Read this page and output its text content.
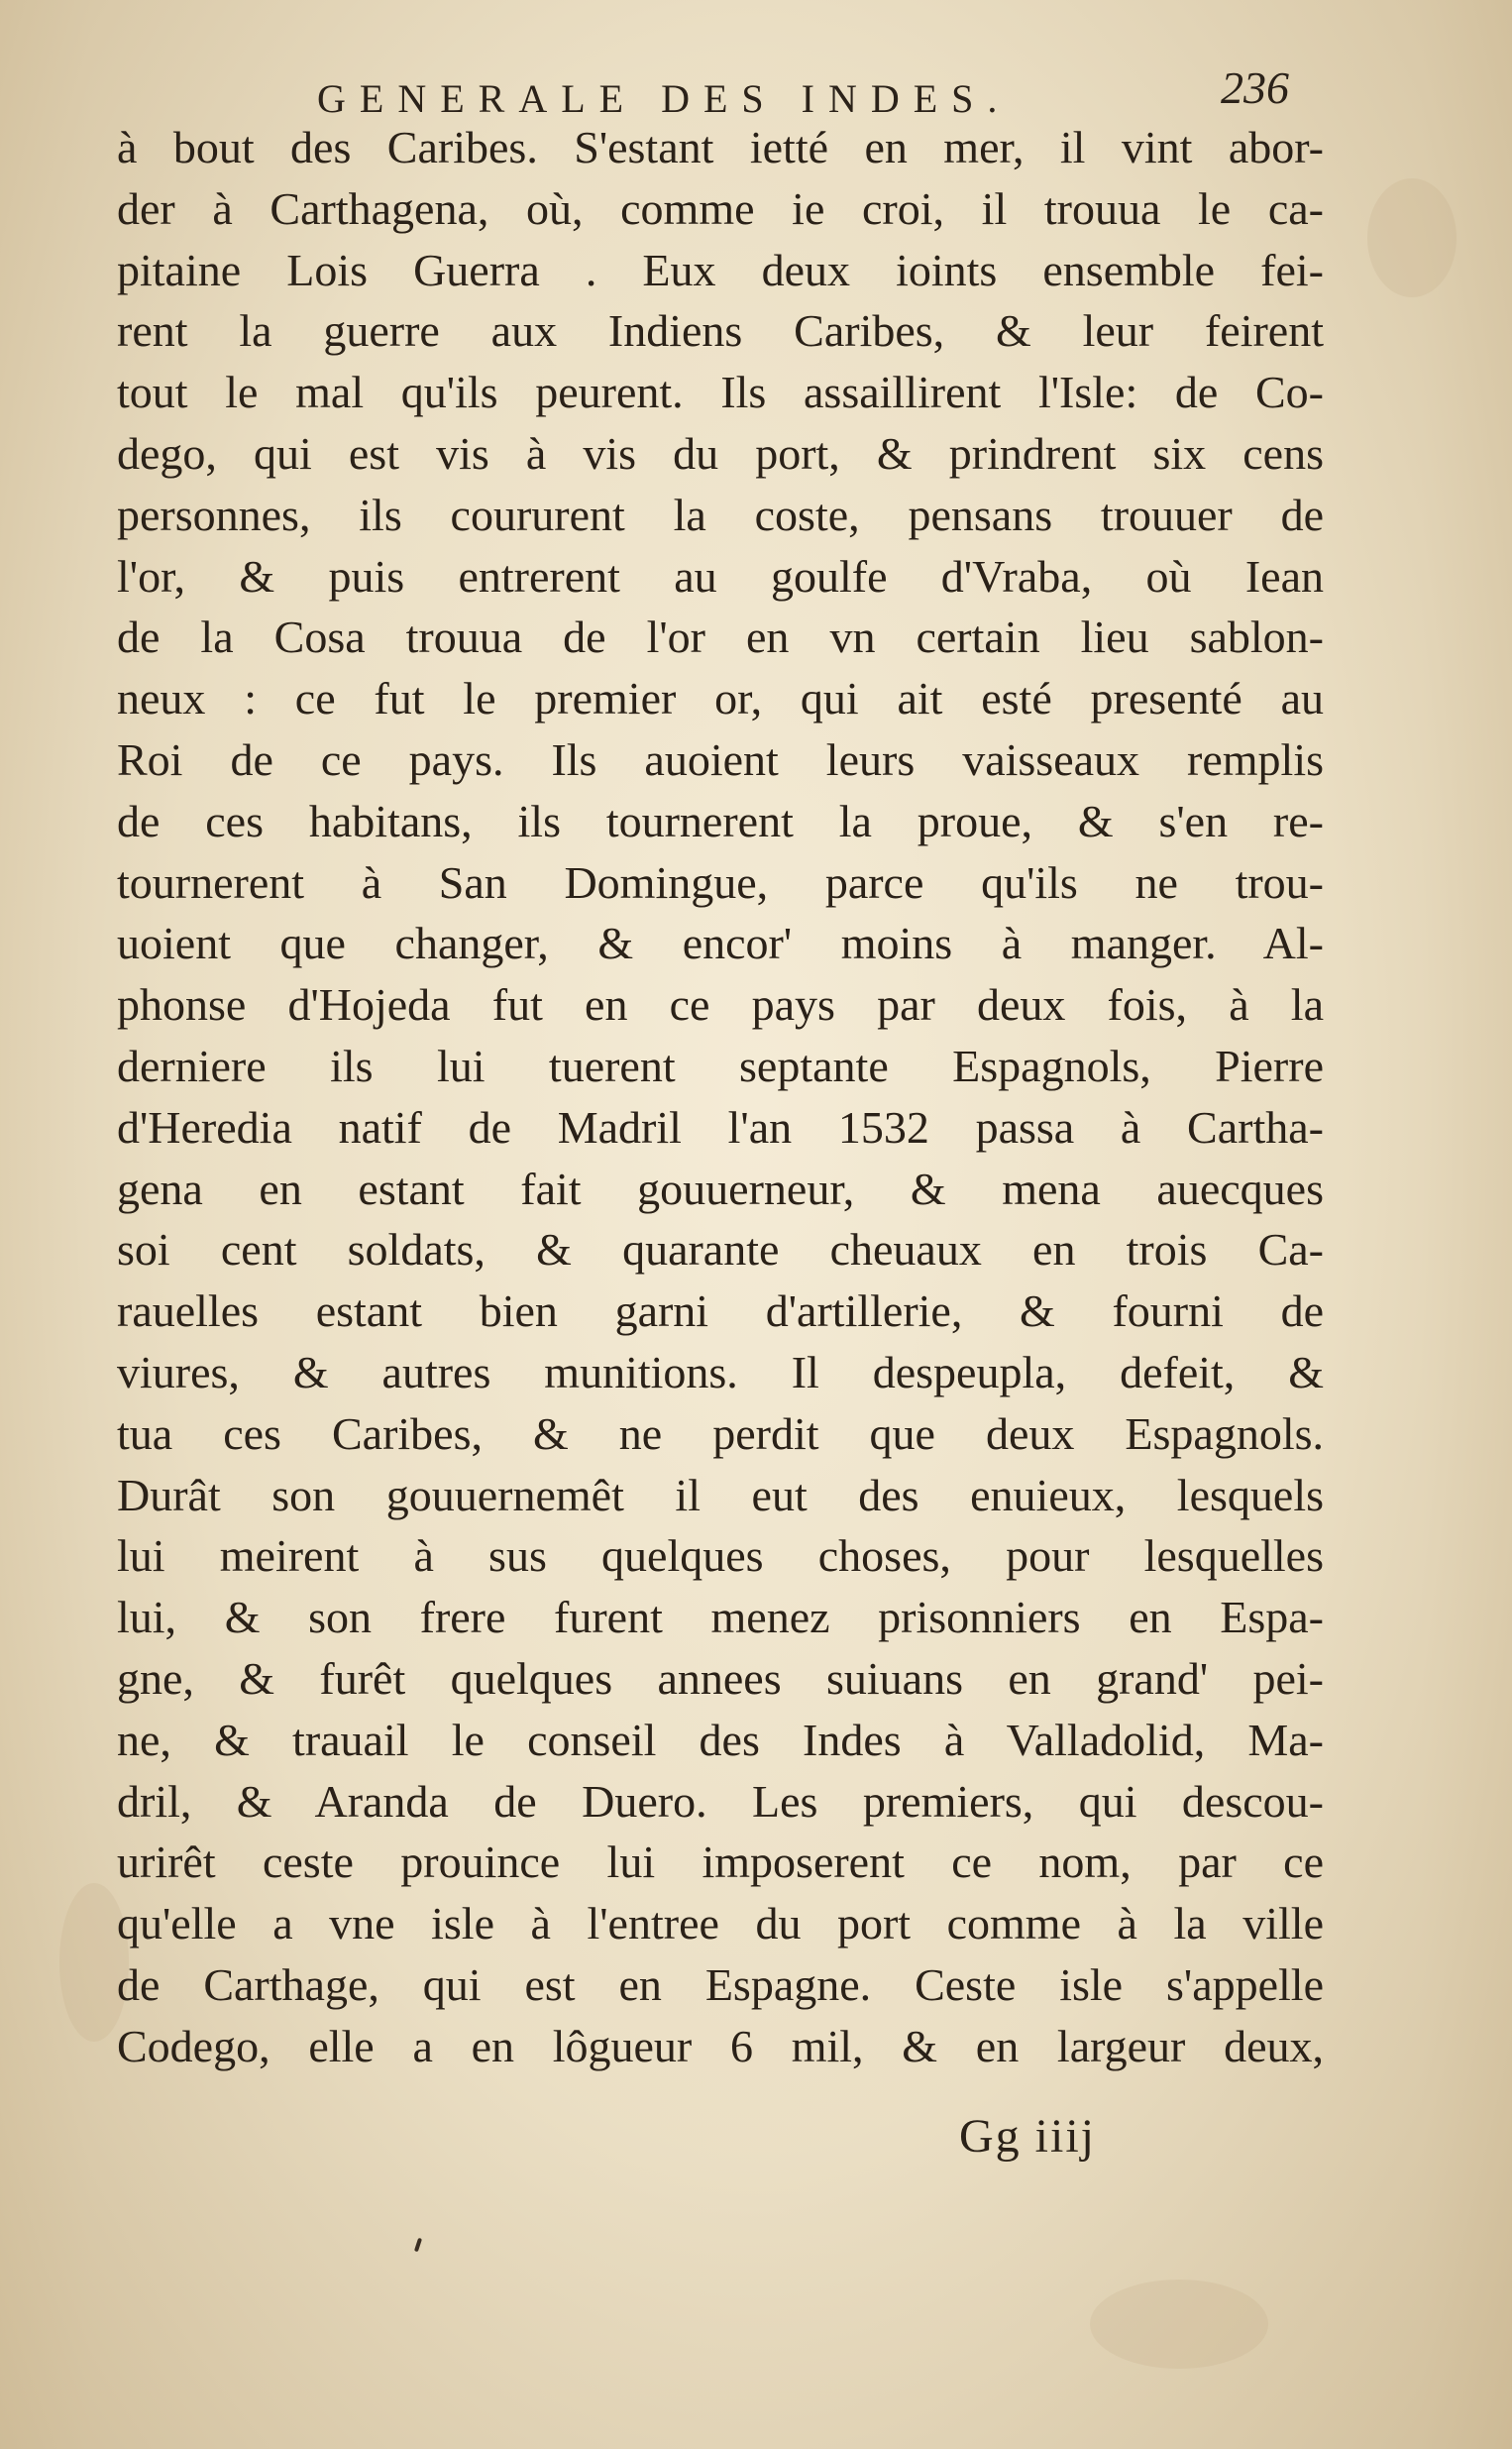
GENERALE DES INDES.	236
à bout des Caribes. S'estant ietté en mer, il vint abor-
der à Carthagena, où, comme ie croi, il trouua le ca-
pitaine Lois Guerra . Eux deux ioints ensemble fei-
rent la guerre aux Indiens Caribes, & leur feirent
tout le mal qu'ils peurent. Ils assaillirent l'Isle: de Co-
dego, qui est vis à vis du port, & prindrent six cens
personnes, ils coururent la coste, pensans trouuer de
l'or, & puis entrerent au goulfe d'Vraba, où Iean
de la Cosa trouua de l'or en vn certain lieu sablon-
neux : ce fut le premier or, qui ait esté presenté au
Roi de ce pays. Ils auoient leurs vaisseaux remplis
de ces habitans, ils tournerent la proue, & s'en re-
tournerent à San Domingue, parce qu'ils ne trou-
uoient que changer, & encor' moins à manger. Al-
phonse d'Hojeda fut en ce pays par deux fois, à la
derniere ils lui tuerent septante Espagnols, Pierre
d'Heredia natif de Madril l'an 1532 passa à Cartha-
gena en estant fait gouuerneur, & mena auecques
soi cent soldats, & quarante cheuaux en trois Ca-
rauelles estant bien garni d'artillerie, & fourni de
viures, & autres munitions. Il despeupla, defeit, &
tua ces Caribes, & ne perdit que deux Espagnols.
Durât son gouuernemêt il eut des enuieux, lesquels
lui meirent à sus quelques choses, pour lesquelles
lui, & son frere furent menez prisonniers en Espa-
gne, & furêt quelques annees suiuans en grand' pei-
ne, & trauail le conseil des Indes à Valladolid, Ma-
dril, & Aranda de Duero. Les premiers, qui descou-
urirêt ceste prouince lui imposerent ce nom, par ce
qu'elle a vne isle à l'entree du port comme à la ville
de Carthage, qui est en Espagne. Ceste isle s'appelle
Codego, elle a en lôgueur 6 mil, & en largeur deux,
Gg iiij
